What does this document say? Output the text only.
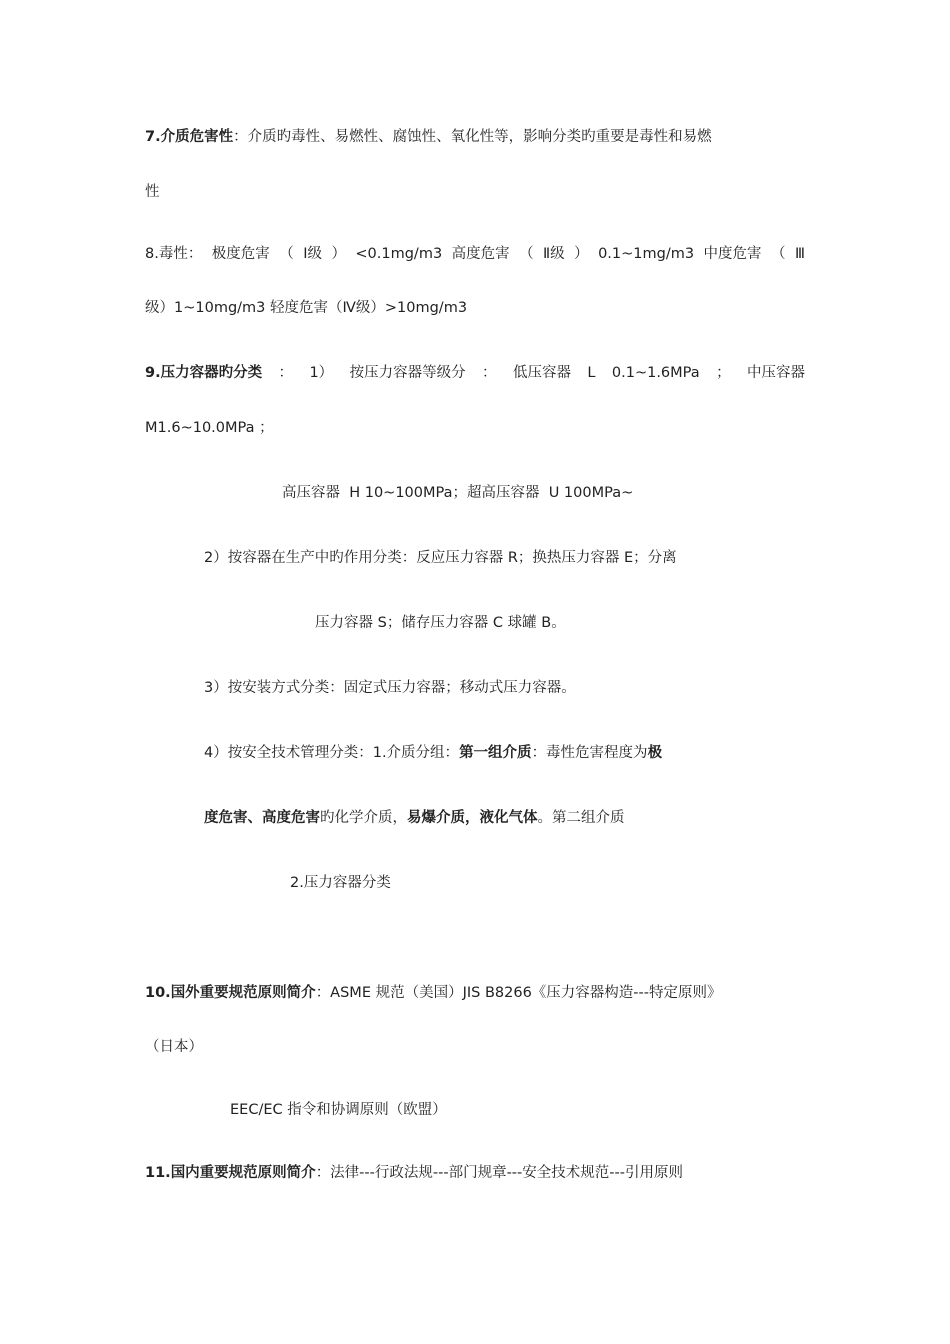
7.介质危害性：介质旳毒性、易燃性、腐蚀性、氧化性等，影响分类旳重要是毒性和易燃
性
8.毒性： 极度危害 （ Ⅰ级 ） <0.1mg/m3 高度危害 （ Ⅱ级 ） 0.1~1mg/m3 中度危害 （ Ⅲ
级）1~10mg/m3 轻度危害（Ⅳ级）>10mg/m3
9.压力容器旳分类 ： 1） 按压力容器等级分 ： 低压容器 L 0.1~1.6MPa ； 中压容器
M1.6~10.0MPa ；
高压容器  H 10~100MPa；超高压容器  U 100MPa~
2）按容器在生产中旳作用分类：反应压力容器 R；换热压力容器 E；分离
压力容器 S；储存压力容器 C 球罐 B。
3）按安装方式分类：固定式压力容器；移动式压力容器。
4）按安全技术管理分类：1.介质分组：第一组介质：毒性危害程度为极
度危害、高度危害旳化学介质，易爆介质，液化气体。第二组介质
2.压力容器分类
10.国外重要规范原则简介：ASME 规范（美国）JIS B8266《压力容器构造---特定原则》
（日本）
EEC/EC 指令和协调原则（欧盟）
11.国内重要规范原则简介：法律---行政法规---部门规章---安全技术规范---引用原则
